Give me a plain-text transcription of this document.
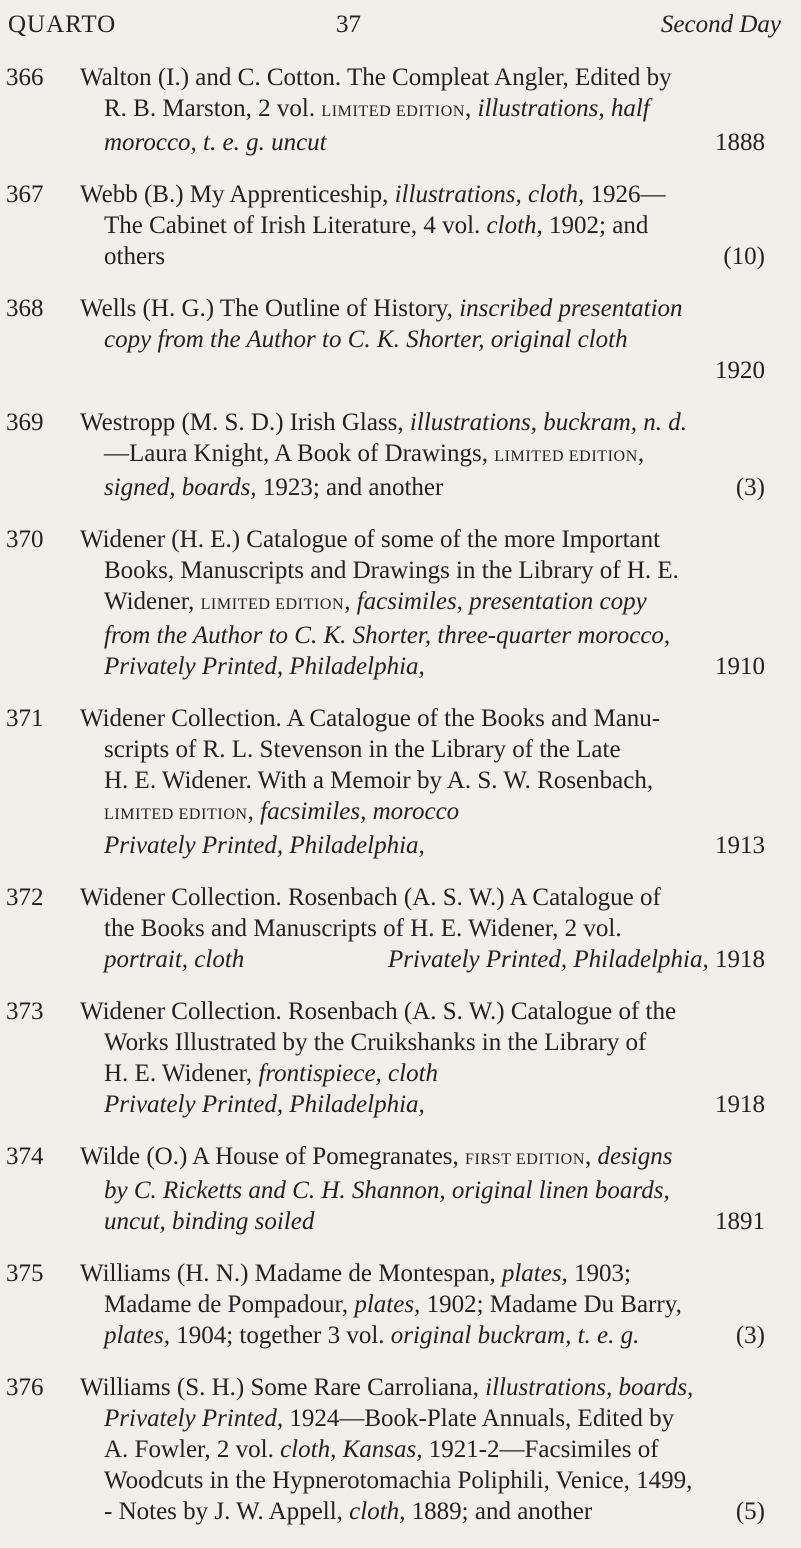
QUARTO	37	Second Day
366	Walton (I.) and C. Cotton. The Compleat Angler, Edited by
R. B. Marston, 2 vol. LIMITED EDITION, illustrations, half
morocco, t. e. g. uncut	1888
367	Webb (B.) My Apprenticeship, illustrations, cloth, 1926—
The Cabinet of Irish Literature, 4 vol. cloth, 1902; and
others	(10)
368	Wells (H. G.) The Outline of History, inscribed presentation
copy from the Author to C. K. Shorter, original cloth
1920
369	Westropp (M. S. D.) Irish Glass, illustrations, buckram, n. d.
—Laura Knight, A Book of Drawings, LIMITED EDITION,
signed, boards, 1923; and another	(3)
370	Widener (H. E.) Catalogue of some of the more Important
Books, Manuscripts and Drawings in the Library of H. E.
Widener, LIMITED EDITION, facsimiles, presentation copy
from the Author to C. K. Shorter, three-quarter morocco,
Privately Printed, Philadelphia,	1910
371	Widener Collection. A Catalogue of the Books and Manu-
scripts of R. L. Stevenson in the Library of the Late
H. E. Widener. With a Memoir by A. S. W. Rosenbach,
LIMITED EDITION, facsimiles, morocco
Privately Printed, Philadelphia,	1913
372	Widener Collection. Rosenbach (A. S. W.) A Catalogue of
the Books and Manuscripts of H. E. Widener, 2 vol.
portrait, cloth	Privately Printed, Philadelphia, 1918
373	Widener Collection. Rosenbach (A. S. W.) Catalogue of the
Works Illustrated by the Cruikshanks in the Library of
H. E. Widener, frontispiece, cloth
Privately Printed, Philadelphia,	1918
374	Wilde (O.) A House of Pomegranates, FIRST EDITION, designs
by C. Ricketts and C. H. Shannon, original linen boards,
uncut, binding soiled	1891
375	Williams (H. N.) Madame de Montespan, plates, 1903;
Madame de Pompadour, plates, 1902; Madame Du Barry,
plates, 1904; together 3 vol. original buckram, t. e. g.	(3)
376	Williams (S. H.) Some Rare Carroliana, illustrations, boards,
Privately Printed, 1924—Book-Plate Annuals, Edited by
A. Fowler, 2 vol. cloth, Kansas, 1921-2—Facsimiles of
Woodcuts in the Hypnerotomachia Poliphili, Venice, 1499,
- Notes by J. W. Appell, cloth, 1889; and another	(5)
